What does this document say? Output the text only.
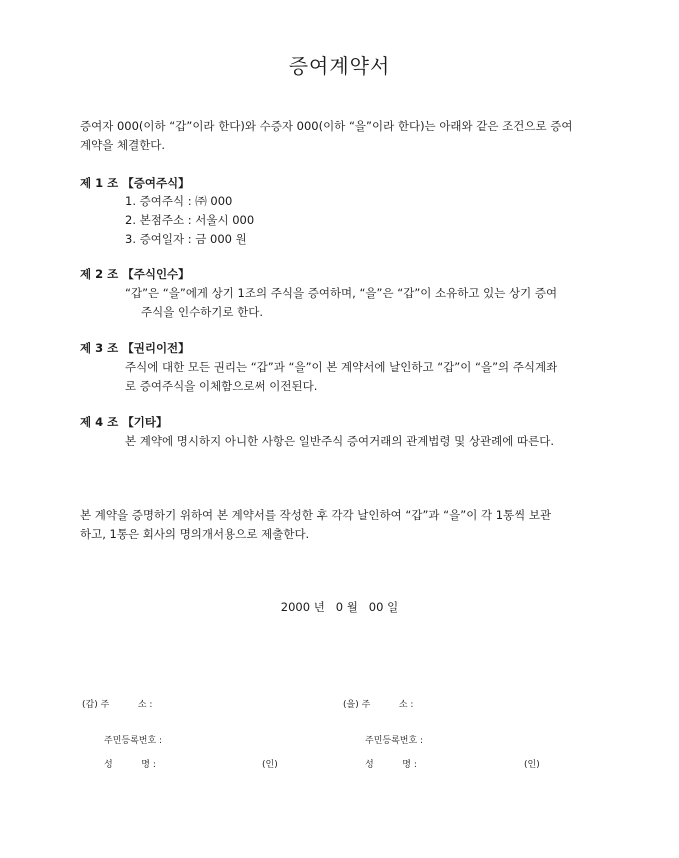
증여계약서
증여자 000(이하 “갑”이라 한다)와 수증자 000(이하 “을”이라 한다)는 아래와 같은 조건으로 증여
계약을 체결한다.
제 1 조 【증여주식】
1. 증여주식 : ㈜ 000
2. 본점주소 : 서울시 000
3. 증여일자 : 금 000 원
제 2 조 【주식인수】
“갑”은 “을”에게 상기 1조의 주식을 증여하며, “을”은 “갑”이 소유하고 있는 상기 증여
주식을 인수하기로 한다.
제 3 조 【권리이전】
주식에 대한 모든 권리는 “갑”과 “을”이 본 계약서에 날인하고 “갑”이 “을”의 주식계좌
로 증여주식을 이체함으로써 이전된다.
제 4 조 【기타】
본 계약에 명시하지 아니한 사항은 일반주식 증여거래의 관계법령 및 상관례에 따른다.
본 계약을 증명하기 위하여 본 계약서를 작성한 후 각각 날인하여 “갑”과 “을”이 각 1통씩 보관
하고, 1통은 회사의 명의개서용으로 제출한다.
2000 년   0 월   00 일
(갑) 주          소 :
주민등록번호 :
성          명 :	(인)
(을) 주          소 :
주민등록번호 :
성          명 :	(인)
